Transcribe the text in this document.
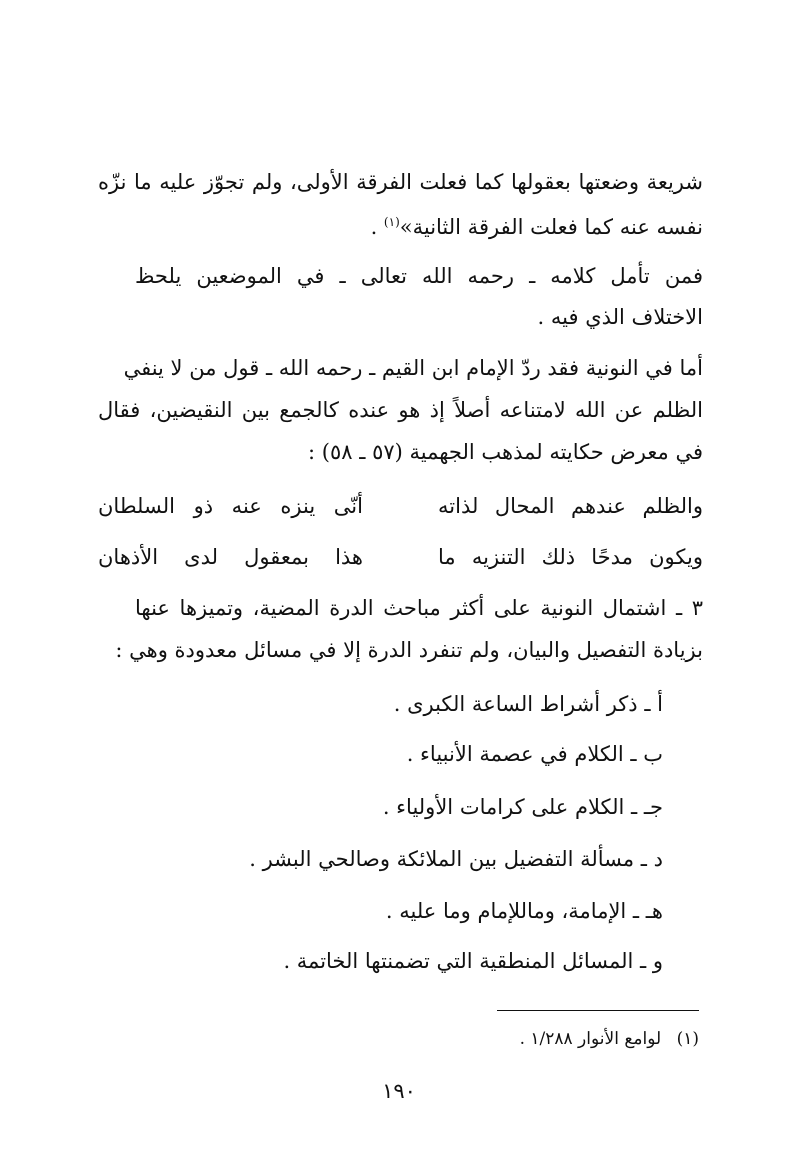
شريعة وضعتها بعقولها كما فعلت الفرقة الأولى، ولم تجوّز عليه ما نزّه
نفسه عنه كما فعلت الفرقة الثانية»$^{(١)}$ .
فمن تأمل كلامه ـ رحمه الله تعالى ـ في الموضعين يلحظ
الاختلاف الذي فيه .
أما في النونية فقد ردّ الإمام ابن القيم ـ رحمه الله ـ قول من لا ينفي
الظلم عن الله لامتناعه أصلاً إذ هو عنده كالجمع بين النقيضين، فقال
في معرض حكايته لمذهب الجهمية (٥٧ ـ ٥٨) :
والظلم عندهم المحال لذاته
أنّى ينزه عنه ذو السلطان
ويكون مدحًا ذلك التنزيه ما
هذا بمعقول لدى الأذهان
٣ ـ اشتمال النونية على أكثر مباحث الدرة المضية، وتميزها عنها
بزيادة التفصيل والبيان، ولم تنفرد الدرة إلا في مسائل معدودة وهي :
أ ـ ذكر أشراط الساعة الكبرى .
ب ـ الكلام في عصمة الأنبياء .
جـ ـ الكلام على كرامات الأولياء .
د ـ مسألة التفضيل بين الملائكة وصالحي البشر .
هـ ـ الإمامة، وماللإمام وما عليه .
و ـ المسائل المنطقية التي تضمنتها الخاتمة .
(١) لوامع الأنوار ١/٢٨٨ .
١٩٠
